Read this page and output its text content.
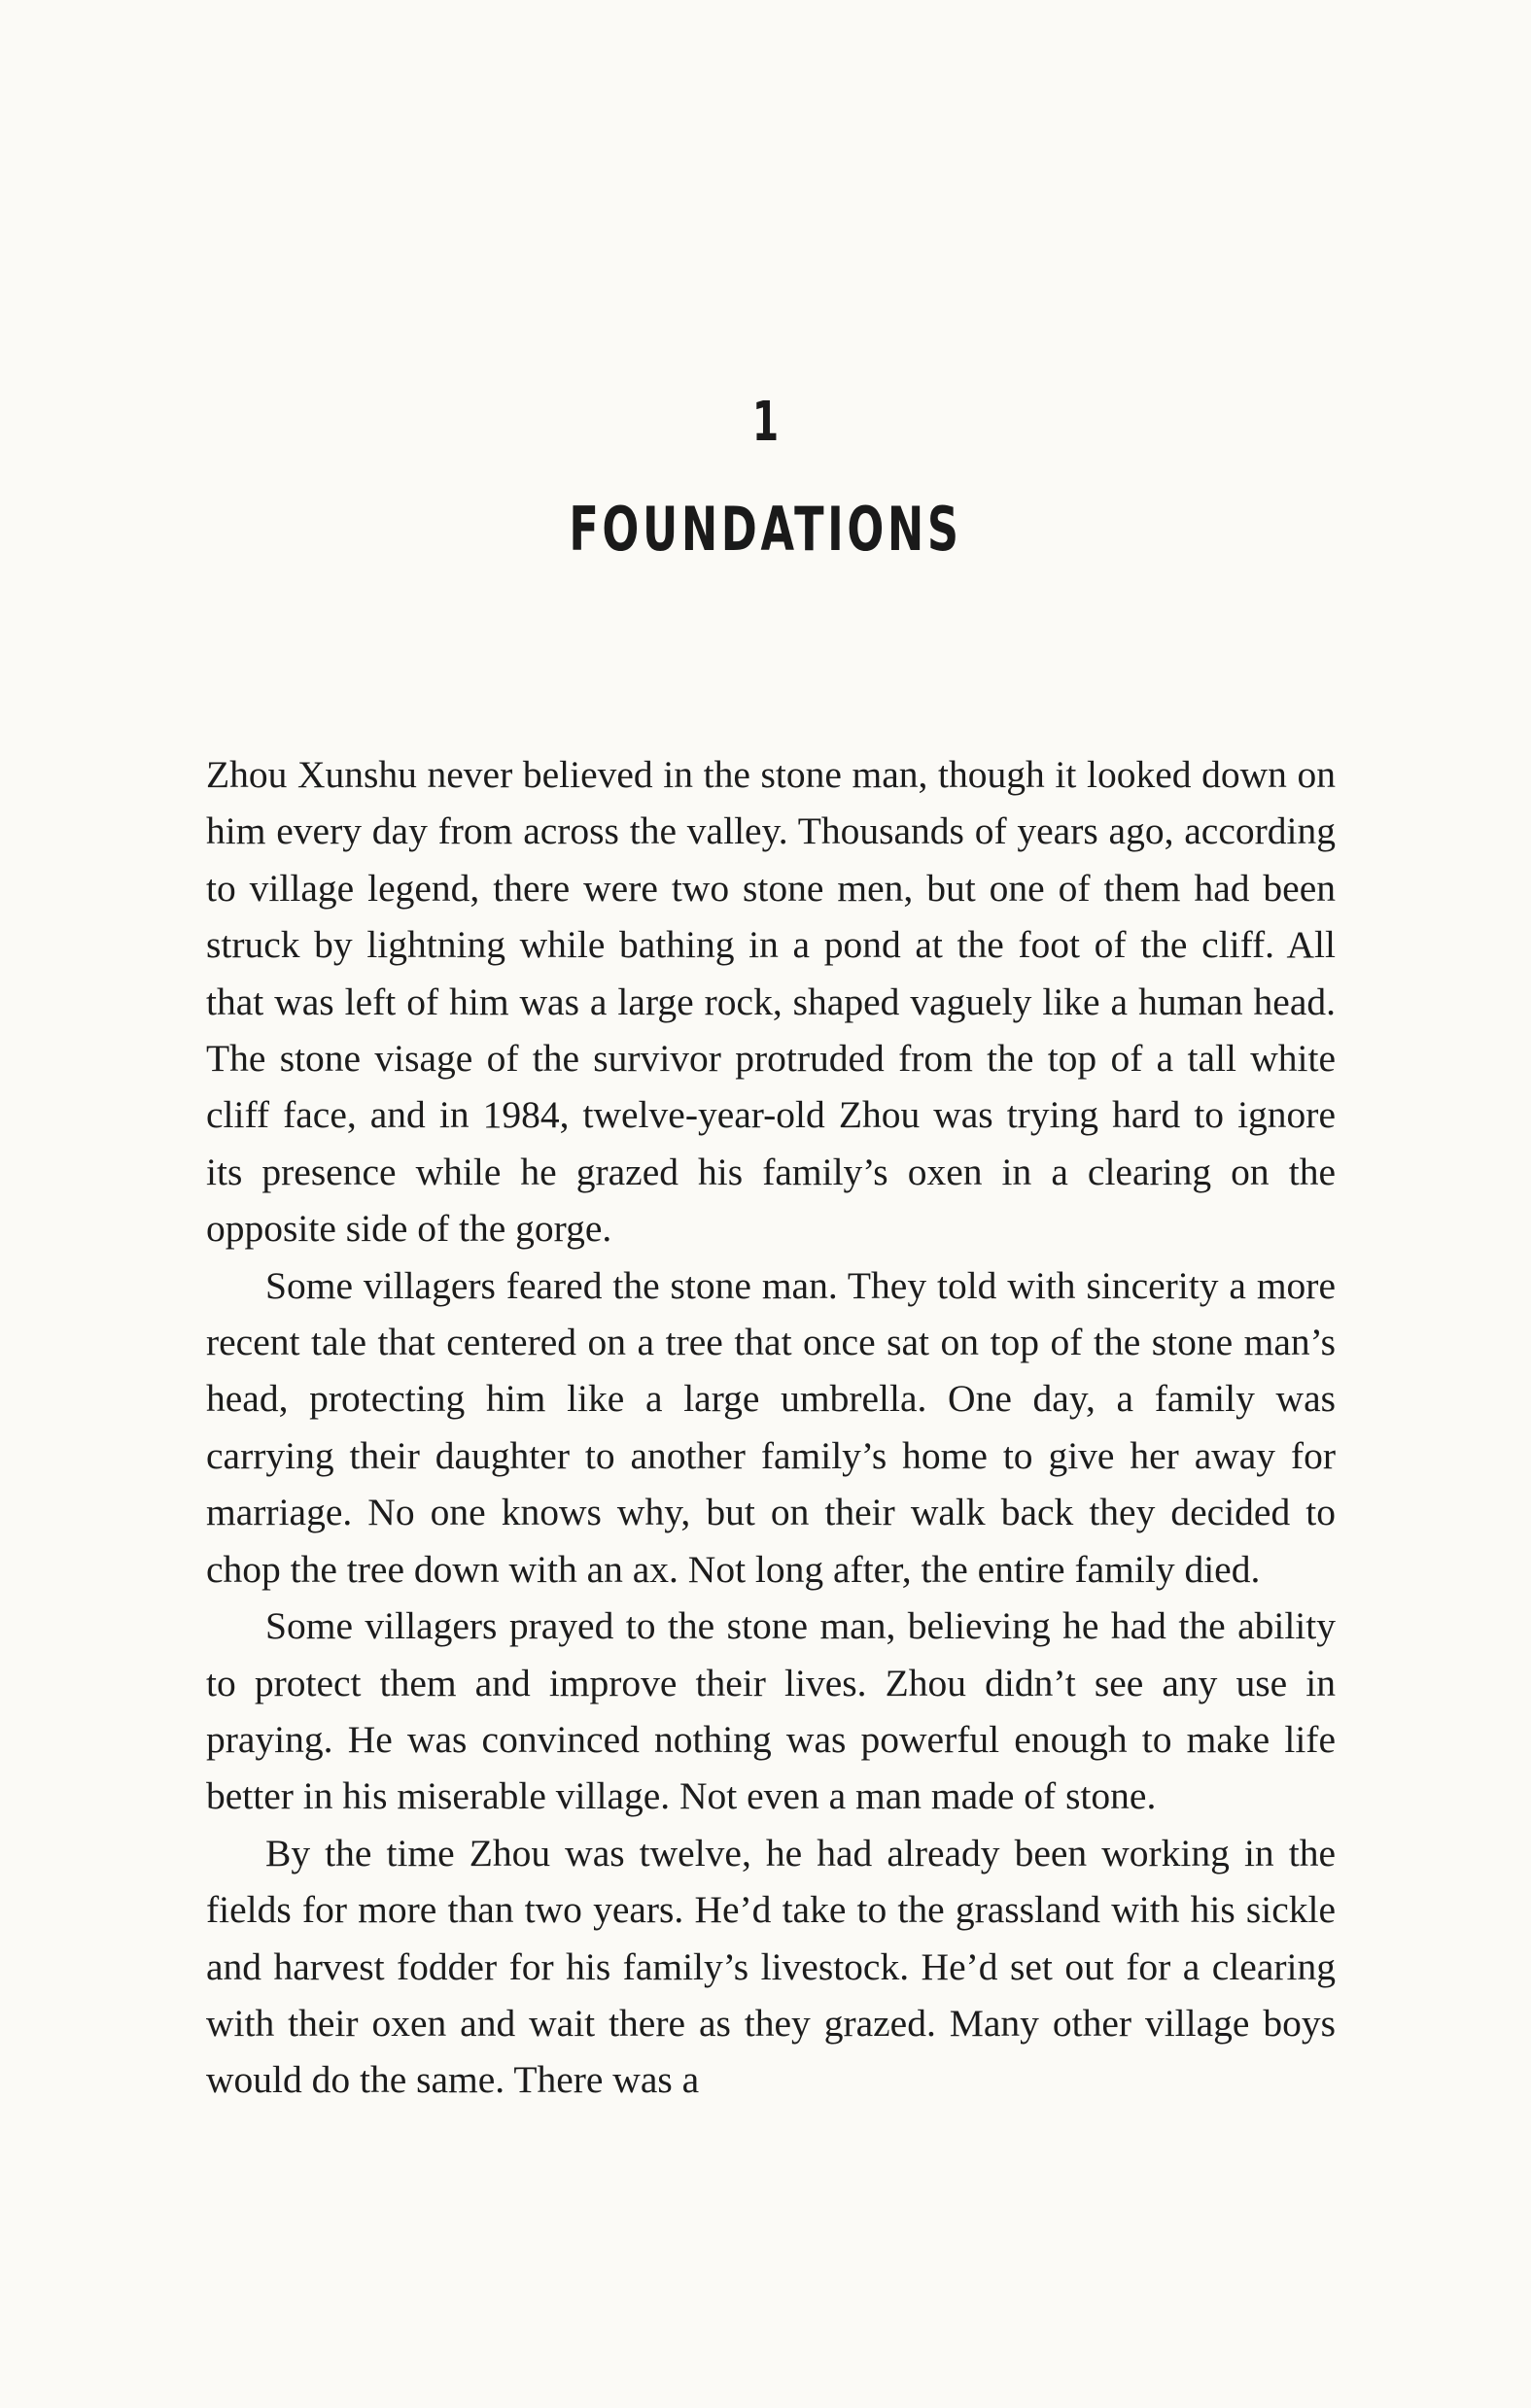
1
FOUNDATIONS

Zhou Xunshu never believed in the stone man, though it looked down on him every day from across the valley. Thousands of years ago, according to village legend, there were two stone men, but one of them had been struck by lightning while bathing in a pond at the foot of the cliff. All that was left of him was a large rock, shaped vaguely like a human head. The stone visage of the survivor protruded from the top of a tall white cliff face, and in 1984, twelve-year-old Zhou was trying hard to ignore its presence while he grazed his family’s oxen in a clearing on the opposite side of the gorge.

Some villagers feared the stone man. They told with sincerity a more recent tale that centered on a tree that once sat on top of the stone man’s head, protecting him like a large umbrella. One day, a family was carrying their daughter to another family’s home to give her away for marriage. No one knows why, but on their walk back they decided to chop the tree down with an ax. Not long after, the entire family died.

Some villagers prayed to the stone man, believing he had the ability to protect them and improve their lives. Zhou didn’t see any use in praying. He was convinced nothing was powerful enough to make life better in his miserable village. Not even a man made of stone.

By the time Zhou was twelve, he had already been working in the fields for more than two years. He’d take to the grassland with his sickle and harvest fodder for his family’s livestock. He’d set out for a clearing with their oxen and wait there as they grazed. Many other village boys would do the same. There was a
